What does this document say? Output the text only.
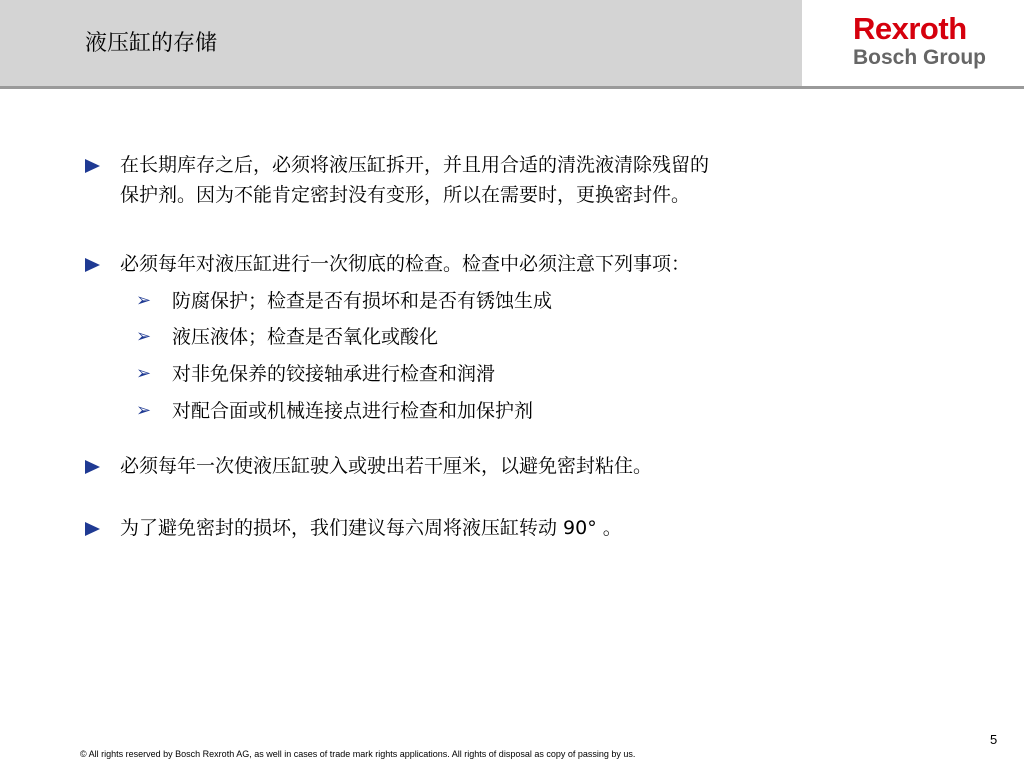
液压缸的存储	Rexroth
Bosch Group
在长期库存之后，必须将液压缸拆开，并且用合适的清洗液清除残留的
保护剂。因为不能肯定密封没有变形，所以在需要时，更换密封件。
必须每年对液压缸进行一次彻底的检查。检查中必须注意下列事项：
➢ 防腐保护；检查是否有损坏和是否有锈蚀生成
➢ 液压液体；检查是否氧化或酸化
➢ 对非免保养的铰接轴承进行检查和润滑
➢ 对配合面或机械连接点进行检查和加保护剂
必须每年一次使液压缸驶入或驶出若干厘米，以避免密封粘住。
为了避免密封的损坏，我们建议每六周将液压缸转动 90° 。
5
© All rights reserved by Bosch Rexroth AG, as well in cases of trade mark rights applications. All rights of disposal as copy of passing by us.
